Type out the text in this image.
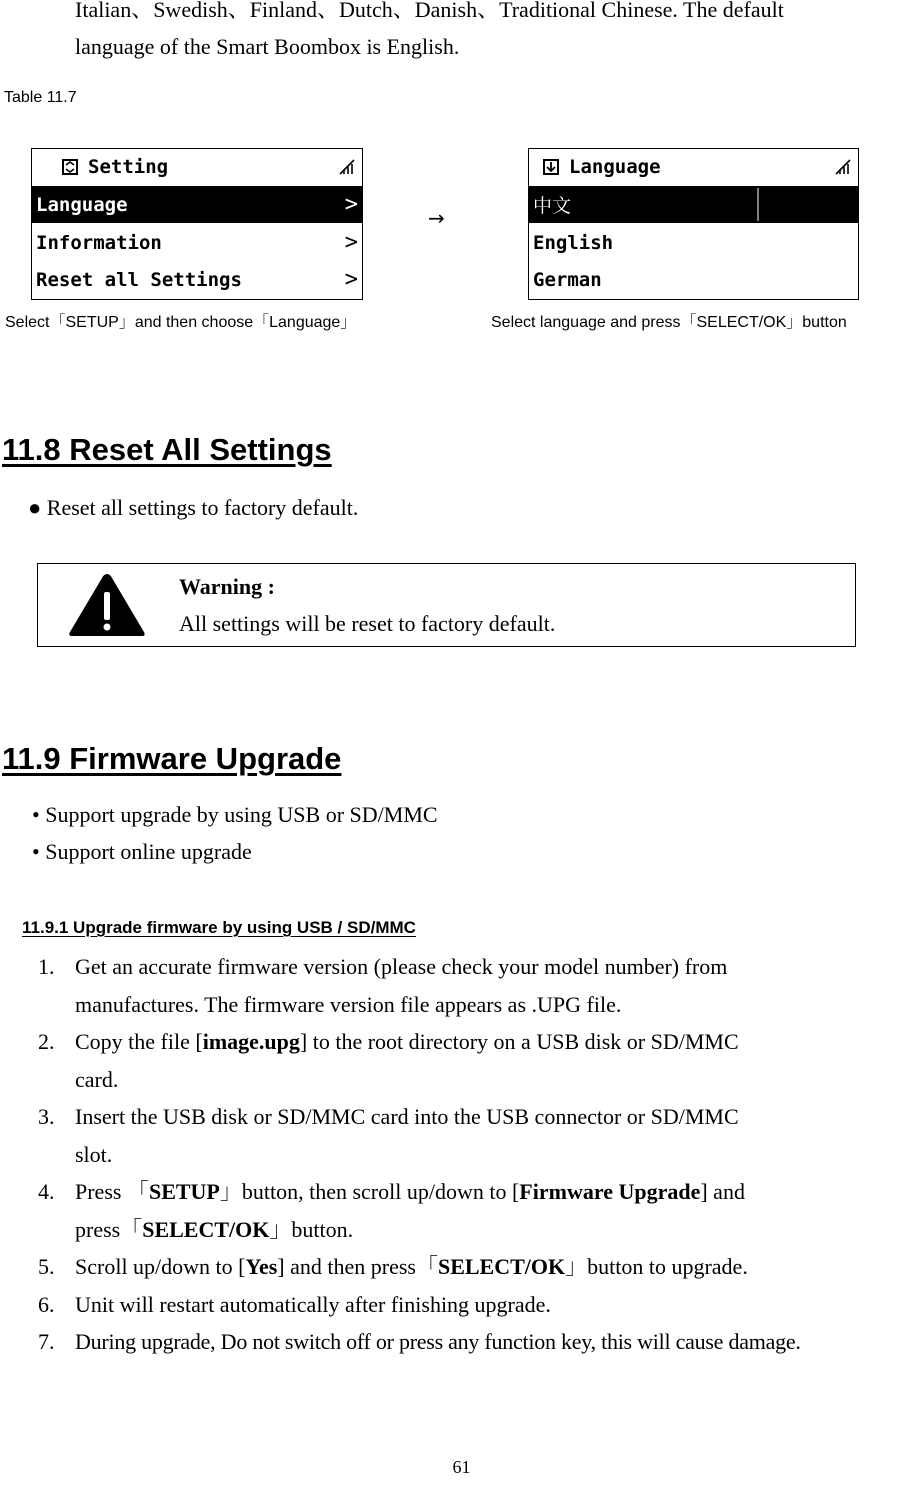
Italian、Swedish、Finland、Dutch、Danish、Traditional Chinese. The default
language of the Smart Boombox is English.
Table 11.7
Setting
Language	>
Information	>
Reset all Settings	>
→
Language
中文
English
German
Select「SETUP」and then choose「Language」	Select language and press「SELECT/OK」button
11.8 Reset All Settings
● Reset all settings to factory default.
Warning :
All settings will be reset to factory default.
11.9 Firmware Upgrade
• Support upgrade by using USB or SD/MMC
• Support online upgrade
11.9.1 Upgrade firmware by using USB / SD/MMC
1. Get an accurate firmware version (please check your model number) from
manufactures. The firmware version file appears as .UPG file.
2. Copy the file [image.upg] to the root directory on a USB disk or SD/MMC
card.
3. Insert the USB disk or SD/MMC card into the USB connector or SD/MMC
slot.
4. Press 「SETUP」button, then scroll up/down to [Firmware Upgrade] and
press「SELECT/OK」button.
5. Scroll up/down to [Yes] and then press「SELECT/OK」button to upgrade.
6. Unit will restart automatically after finishing upgrade.
7. During upgrade, Do not switch off or press any function key, this will cause damage.
61
